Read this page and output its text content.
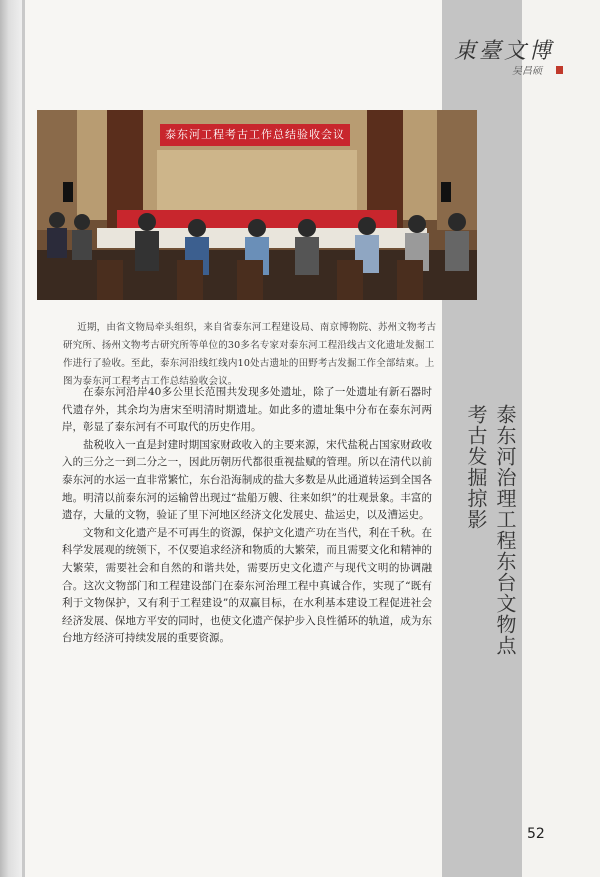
東臺文博
吴昌硕
泰东河工程考古工作总结验收会议
近期，由省文物局牵头组织，来自省泰东河工程建设局、南京博物院、苏州文物考古研究所、扬州文物考古研究所等单位的30多名专家对泰东河工程沿线古文化遗址发掘工作进行了验收。至此，泰东河沿线红线内10处古遗址的田野考古发掘工作全部结束。上图为泰东河工程考古工作总结验收会议。

在泰东河沿岸40多公里长范围共发现多处遗址，除了一处遗址有新石器时代遗存外，其余均为唐宋至明清时期遗址。如此多的遗址集中分布在泰东河两岸，彰显了泰东河有不可取代的历史作用。

盐税收入一直是封建时期国家财政收入的主要来源，宋代盐税占国家财政收入的三分之一到二分之一，因此历朝历代都很重视盐赋的管理。所以在清代以前泰东河的水运一直非常繁忙，东台沿海制成的盐大多数是从此通道转运到全国各地。明清以前泰东河的运输曾出现过“盐船万艘、往来如织”的壮观景象。丰富的遗存，大量的文物，验证了里下河地区经济文化发展史、盐运史，以及漕运史。

文物和文化遗产是不可再生的资源，保护文化遗产功在当代，利在千秋。在科学发展观的统领下，不仅要追求经济和物质的大繁荣，而且需要文化和精神的大繁荣，需要社会和自然的和谐共处，需要历史文化遗产与现代文明的协调融合。这次文物部门和工程建设部门在泰东河治理工程中真诚合作，实现了“既有利于文物保护，又有利于工程建设”的双赢目标，在水利基本建设工程促进社会经济发展、保地方平安的同时，也使文化遗产保护步入良性循环的轨道，成为东台地方经济可持续发展的重要资源。	泰东河治理工程东台文物点
考古发掘掠影
52
